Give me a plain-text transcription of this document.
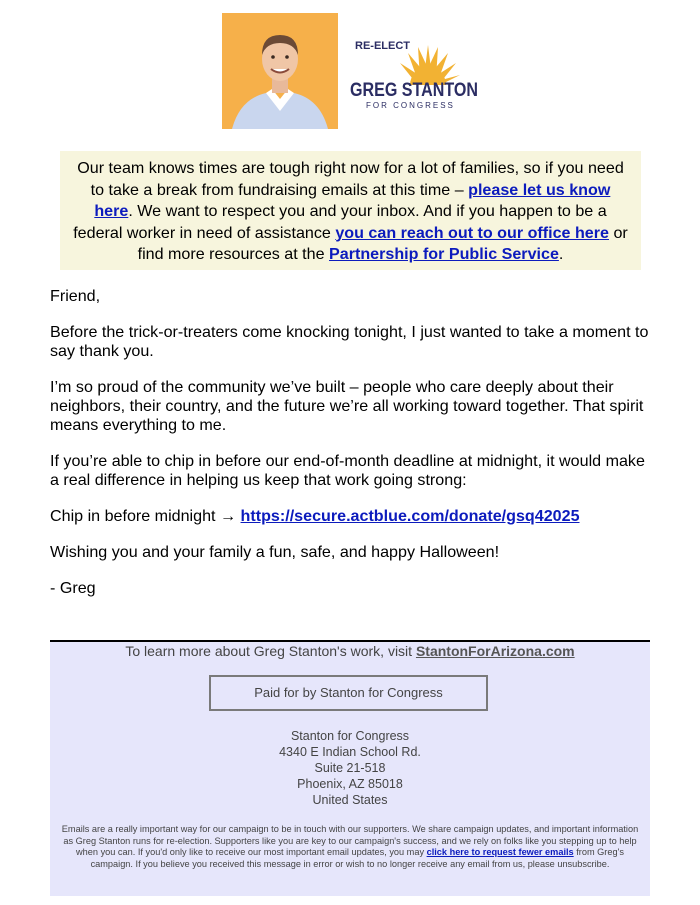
RE-ELECT
GREG STANTON
FOR CONGRESS
Our team knows times are tough right now for a lot of families, so if you need to take a break from fundraising emails at this time – please let us know here. We want to respect you and your inbox. And if you happen to be a federal worker in need of assistance you can reach out to our office here or find more resources at the Partnership for Public Service.

Friend,

Before the trick-or-treaters come knocking tonight, I just wanted to take a moment to say thank you.

I’m so proud of the community we’ve built – people who care deeply about their neighbors, their country, and the future we’re all working toward together. That spirit means everything to me.

If you’re able to chip in before our end-of-month deadline at midnight, it would make a real difference in helping us keep that work going strong:

Chip in before midnight → https://secure.actblue.com/donate/gsq42025

Wishing you and your family a fun, safe, and happy Halloween!

- Greg

To learn more about Greg Stanton's work, visit StantonForArizona.com
Paid for by Stanton for Congress
Stanton for Congress
4340 E Indian School Rd.
Suite 21-518
Phoenix, AZ 85018
United States
Emails are a really important way for our campaign to be in touch with our supporters. We share campaign updates, and important information as Greg Stanton runs for re-election. Supporters like you are key to our campaign's success, and we rely on folks like you stepping up to help when you can. If you'd only like to receive our most important email updates, you may click here to request fewer emails from Greg's campaign. If you believe you received this message in error or wish to no longer receive any email from us, please unsubscribe.
